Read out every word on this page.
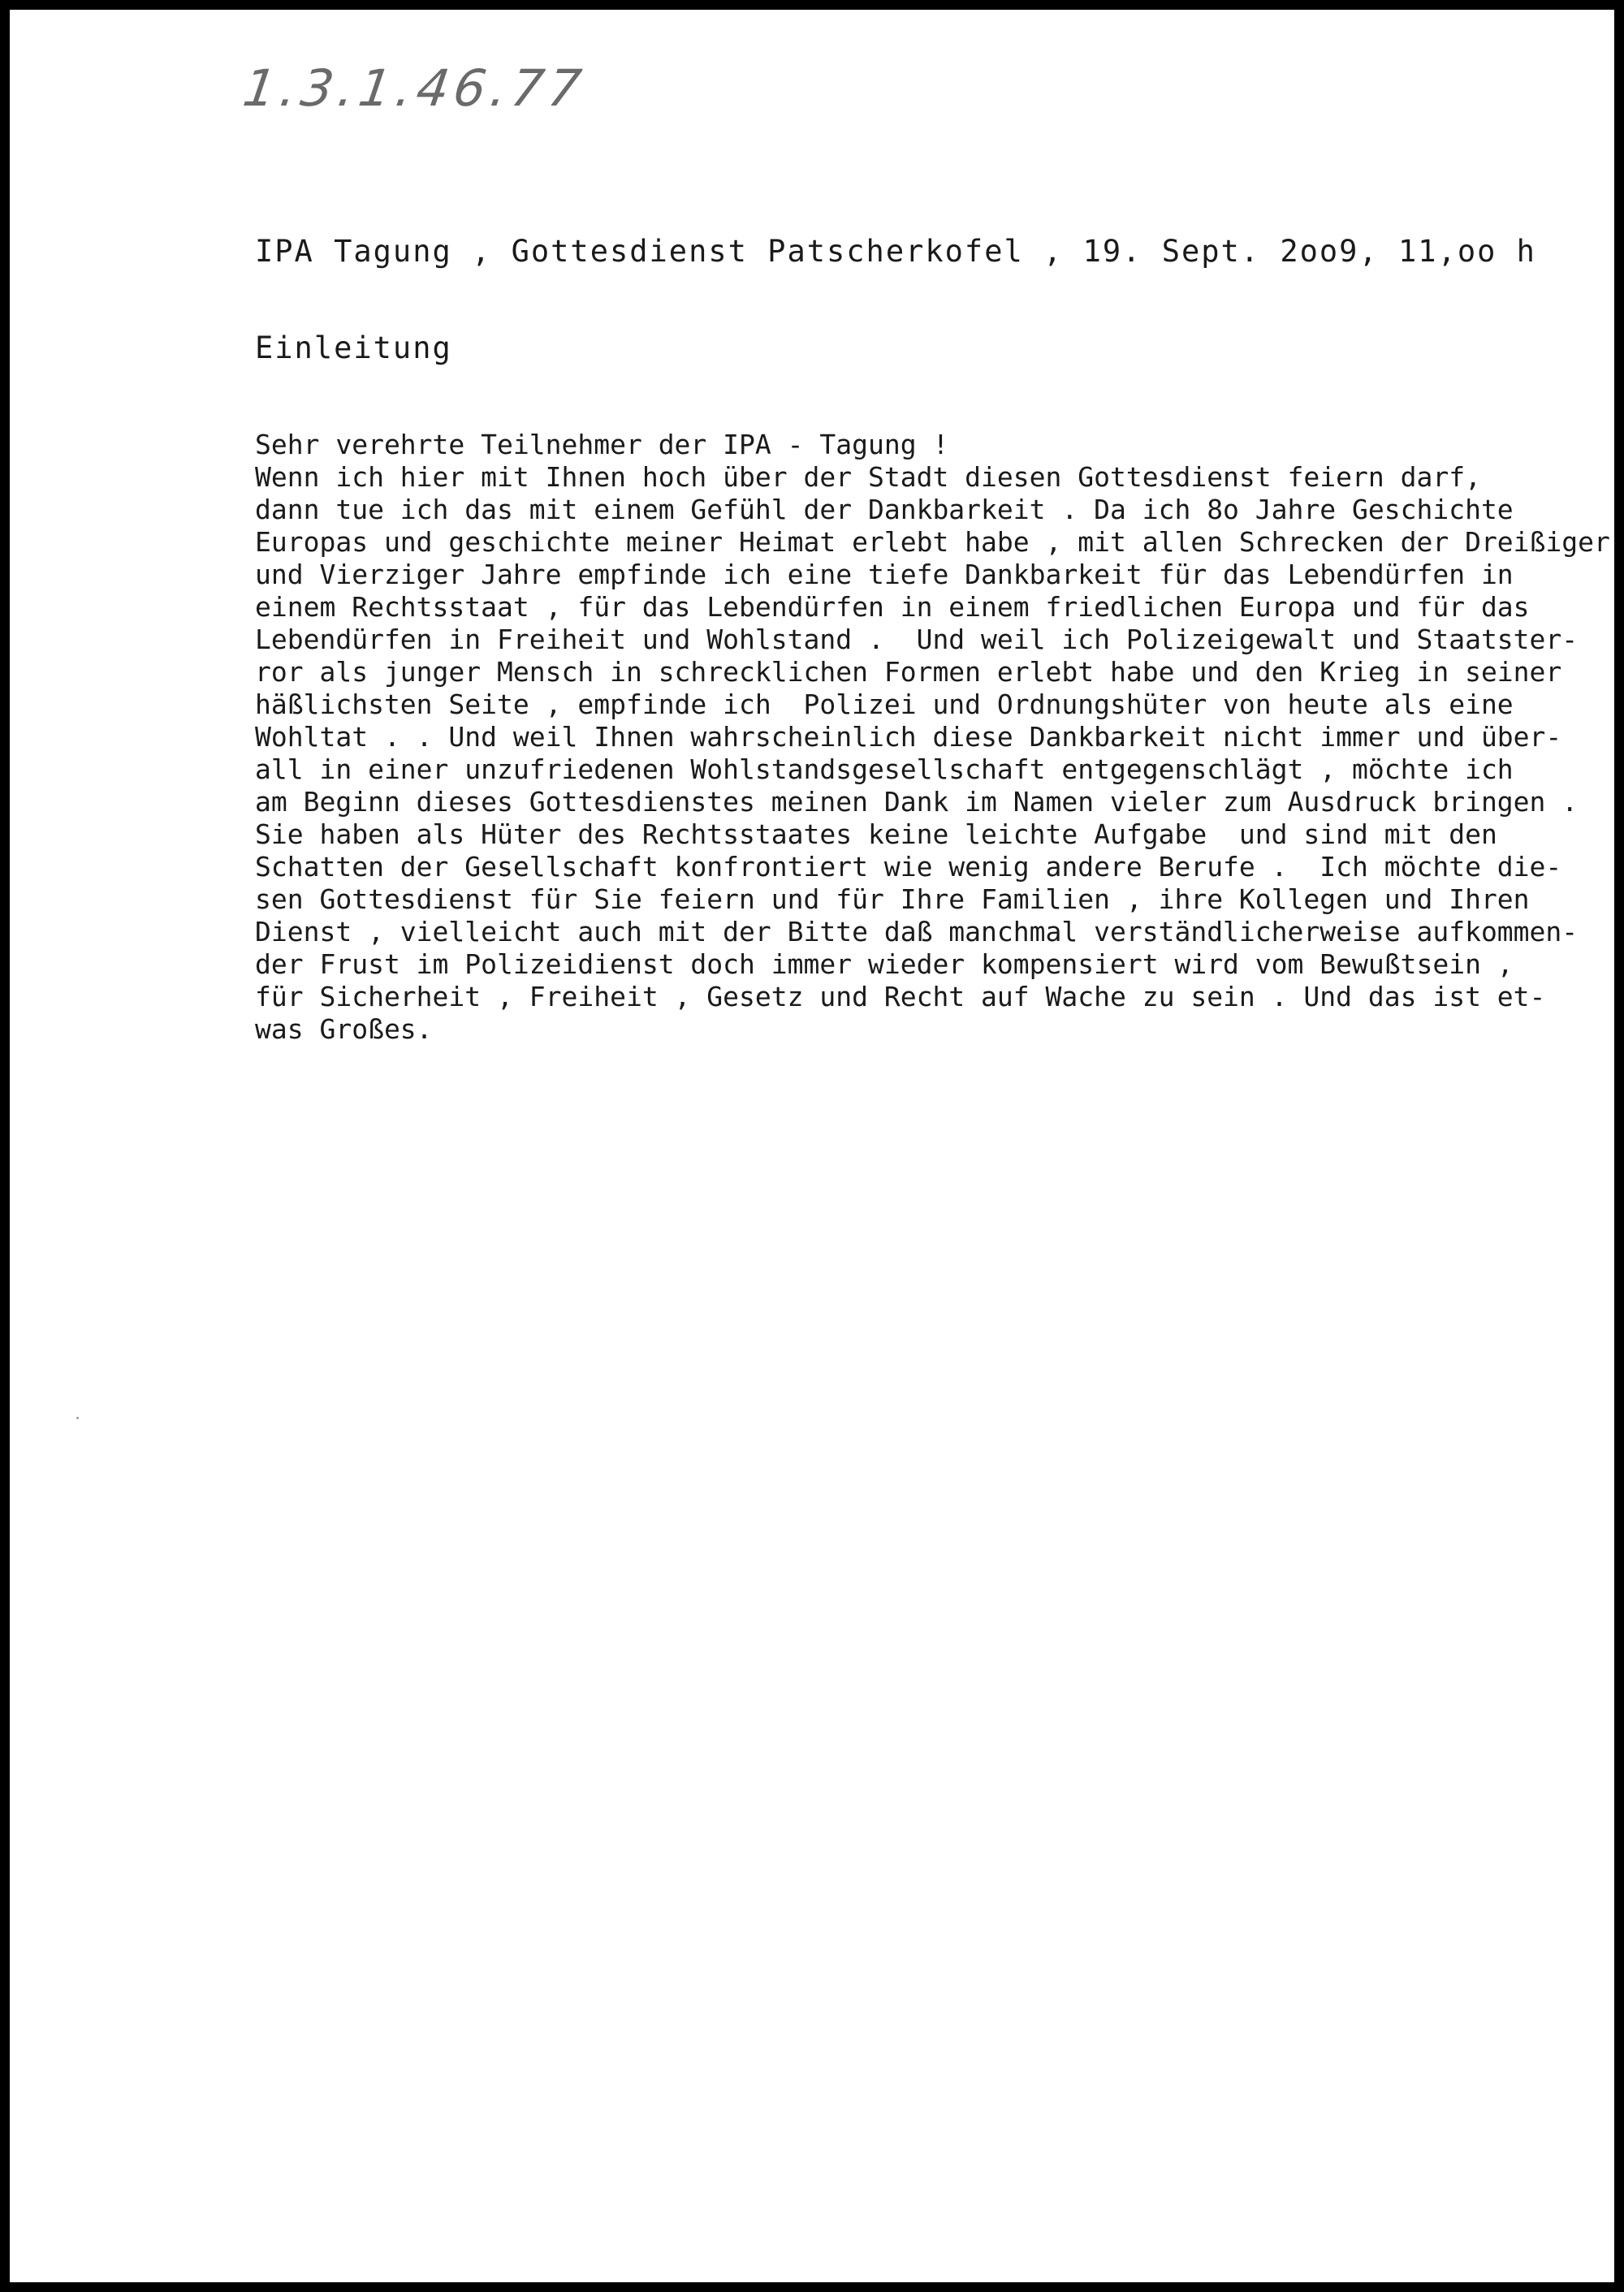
1.3.1.46.77
IPA Tagung , Gottesdienst Patscherkofel , 19. Sept. 2oo9, 11,oo h
Einleitung
Sehr verehrte Teilnehmer der IPA - Tagung !
Wenn ich hier mit Ihnen hoch über der Stadt diesen Gottesdienst feiern darf,
dann tue ich das mit einem Gefühl der Dankbarkeit . Da ich 8o Jahre Geschichte
Europas und geschichte meiner Heimat erlebt habe , mit allen Schrecken der Dreißiger
und Vierziger Jahre empfinde ich eine tiefe Dankbarkeit für das Lebendürfen in
einem Rechtsstaat , für das Lebendürfen in einem friedlichen Europa und für das
Lebendürfen in Freiheit und Wohlstand .  Und weil ich Polizeigewalt und Staatster-
ror als junger Mensch in schrecklichen Formen erlebt habe und den Krieg in seiner
häßlichsten Seite , empfinde ich  Polizei und Ordnungshüter von heute als eine
Wohltat . . Und weil Ihnen wahrscheinlich diese Dankbarkeit nicht immer und über-
all in einer unzufriedenen Wohlstandsgesellschaft entgegenschlägt , möchte ich
am Beginn dieses Gottesdienstes meinen Dank im Namen vieler zum Ausdruck bringen .
Sie haben als Hüter des Rechtsstaates keine leichte Aufgabe  und sind mit den
Schatten der Gesellschaft konfrontiert wie wenig andere Berufe .  Ich möchte die-
sen Gottesdienst für Sie feiern und für Ihre Familien , ihre Kollegen und Ihren
Dienst , vielleicht auch mit der Bitte daß manchmal verständlicherweise aufkommen-
der Frust im Polizeidienst doch immer wieder kompensiert wird vom Bewußtsein ,
für Sicherheit , Freiheit , Gesetz und Recht auf Wache zu sein . Und das ist et-
was Großes.
